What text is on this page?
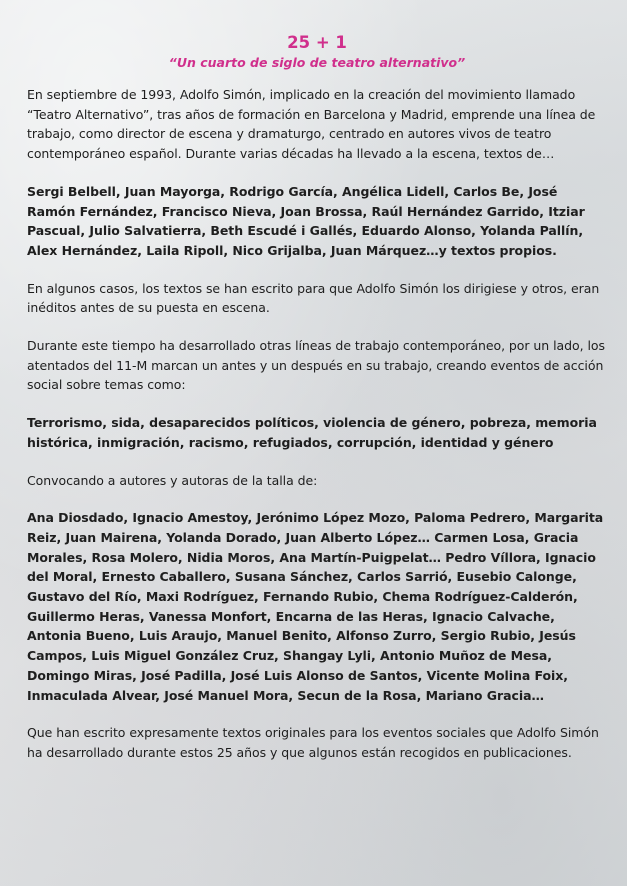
25 + 1
“Un cuarto de siglo de teatro alternativo”

En septiembre de 1993, Adolfo Simón, implicado en la creación del movimiento llamado “Teatro Alternativo”, tras años de formación en Barcelona y Madrid, emprende una línea de trabajo, como director de escena y dramaturgo, centrado en autores vivos de teatro contemporáneo español. Durante varias décadas ha llevado a la escena, textos de…

Sergi Belbell, Juan Mayorga, Rodrigo García, Angélica Lidell, Carlos Be, José Ramón Fernández, Francisco Nieva, Joan Brossa, Raúl Hernández Garrido, Itziar Pascual, Julio Salvatierra, Beth Escudé i Gallés, Eduardo Alonso, Yolanda Pallín, Alex Hernández, Laila Ripoll, Nico Grijalba, Juan Márquez…y textos propios.

En algunos casos, los textos se han escrito para que Adolfo Simón los dirigiese y otros, eran inéditos antes de su puesta en escena.

Durante este tiempo ha desarrollado otras líneas de trabajo contemporáneo, por un lado, los atentados del 11-M marcan un antes y un después en su trabajo, creando eventos de acción social sobre temas como:

Terrorismo, sida, desaparecidos políticos, violencia de género, pobreza, memoria histórica, inmigración, racismo, refugiados, corrupción, identidad y género

Convocando a autores y autoras de la talla de:

Ana Diosdado, Ignacio Amestoy, Jerónimo López Mozo, Paloma Pedrero, Margarita Reiz, Juan Mairena, Yolanda Dorado, Juan Alberto López… Carmen Losa, Gracia Morales, Rosa Molero, Nidia Moros, Ana Martín-Puigpelat… Pedro Víllora, Ignacio del Moral, Ernesto Caballero, Susana Sánchez, Carlos Sarrió, Eusebio Calonge, Gustavo del Río, Maxi Rodríguez, Fernando Rubio, Chema Rodríguez-Calderón, Guillermo Heras, Vanessa Monfort, Encarna de las Heras, Ignacio Calvache, Antonia Bueno, Luis Araujo, Manuel Benito, Alfonso Zurro, Sergio Rubio, Jesús Campos, Luis Miguel González Cruz, Shangay Lyli, Antonio Muñoz de Mesa, Domingo Miras, José Padilla, José Luis Alonso de Santos, Vicente Molina Foix, Inmaculada Alvear, José Manuel Mora, Secun de la Rosa, Mariano Gracia…

Que han escrito expresamente textos originales para los eventos sociales que Adolfo Simón ha desarrollado durante estos 25 años y que algunos están recogidos en publicaciones.
